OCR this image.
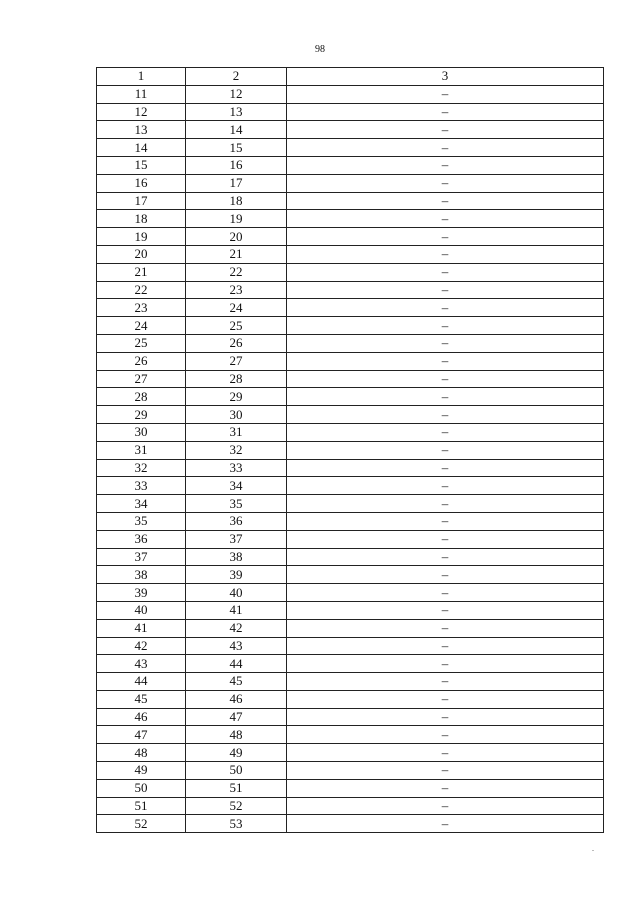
98
1	2	3
11	12	–
12	13	–
13	14	–
14	15	–
15	16	–
16	17	–
17	18	–
18	19	–
19	20	–
20	21	–
21	22	–
22	23	–
23	24	–
24	25	–
25	26	–
26	27	–
27	28	–
28	29	–
29	30	–
30	31	–
31	32	–
32	33	–
33	34	–
34	35	–
35	36	–
36	37	–
37	38	–
38	39	–
39	40	–
40	41	–
41	42	–
42	43	–
43	44	–
44	45	–
45	46	–
46	47	–
47	48	–
48	49	–
49	50	–
50	51	–
51	52	–
52	53	–
